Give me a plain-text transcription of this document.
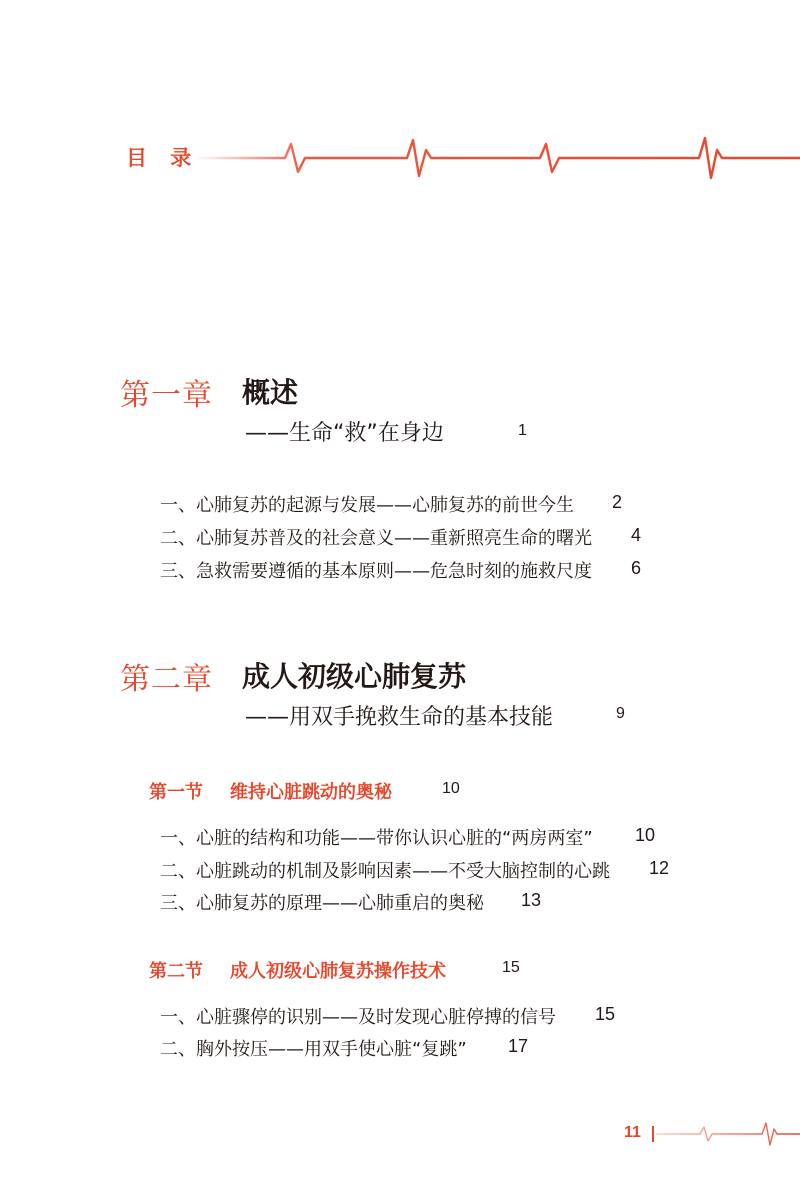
目 录
第一章 概述
——生命“救”在身边	1
一、心肺复苏的起源与发展——心肺复苏的前世今生 2
二、心肺复苏普及的社会意义——重新照亮生命的曙光 4
三、急救需要遵循的基本原则——危急时刻的施救尺度 6
第二章 成人初级心肺复苏
——用双手挽救生命的基本技能	9
第一节 维持心脏跳动的奥秘	10
一、心脏的结构和功能——带你认识心脏的“两房两室” 10
二、心脏跳动的机制及影响因素——不受大脑控制的心跳 12
三、心肺复苏的原理——心肺重启的奥秘 13
第二节 成人初级心肺复苏操作技术	15
一、心脏骤停的识别——及时发现心脏停搏的信号 15
二、胸外按压——用双手使心脏“复跳” 17
11
